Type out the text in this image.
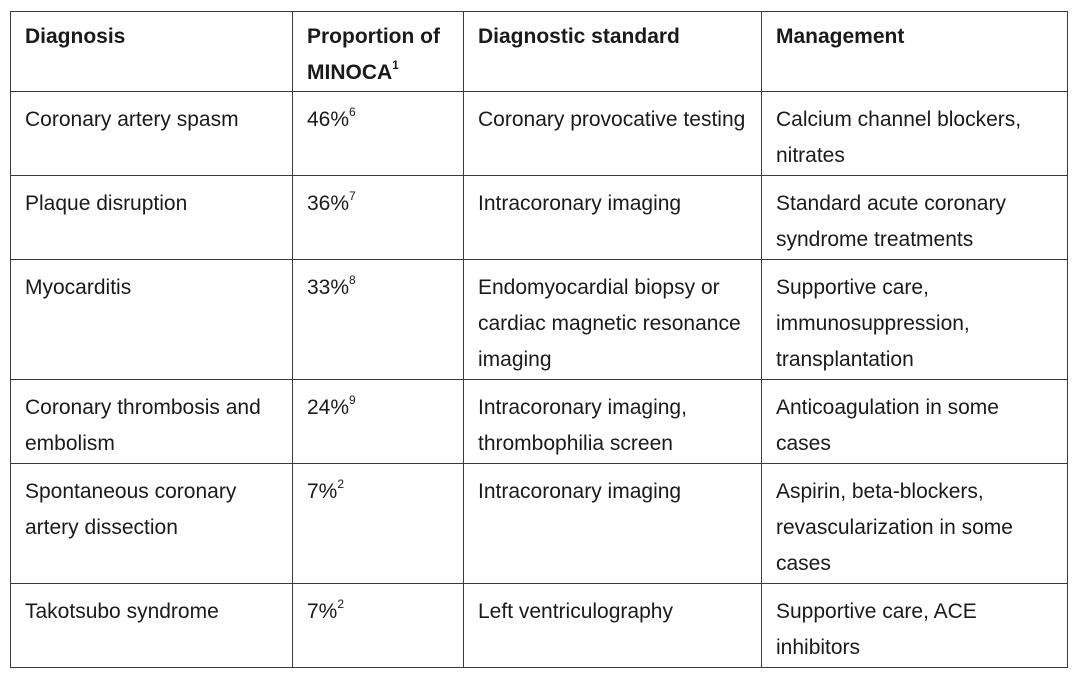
Diagnosis	Proportion of MINOCA$^1$	Diagnostic standard	Management
Coronary artery spasm	46%$^6$	Coronary provocative testing	Calcium channel blockers, nitrates
Plaque disruption	36%$^7$	Intracoronary imaging	Standard acute coronary syndrome treatments
Myocarditis	33%$^8$	Endomyocardial biopsy or cardiac magnetic resonance imaging	Supportive care, immunosuppression, transplantation
Coronary thrombosis and embolism	24%$^9$	Intracoronary imaging, thrombophilia screen	Anticoagulation in some cases
Spontaneous coronary artery dissection	7%$^2$	Intracoronary imaging	Aspirin, beta-blockers, revascularization in some cases
Takotsubo syndrome	7%$^2$	Left ventriculography	Supportive care, ACE inhibitors
